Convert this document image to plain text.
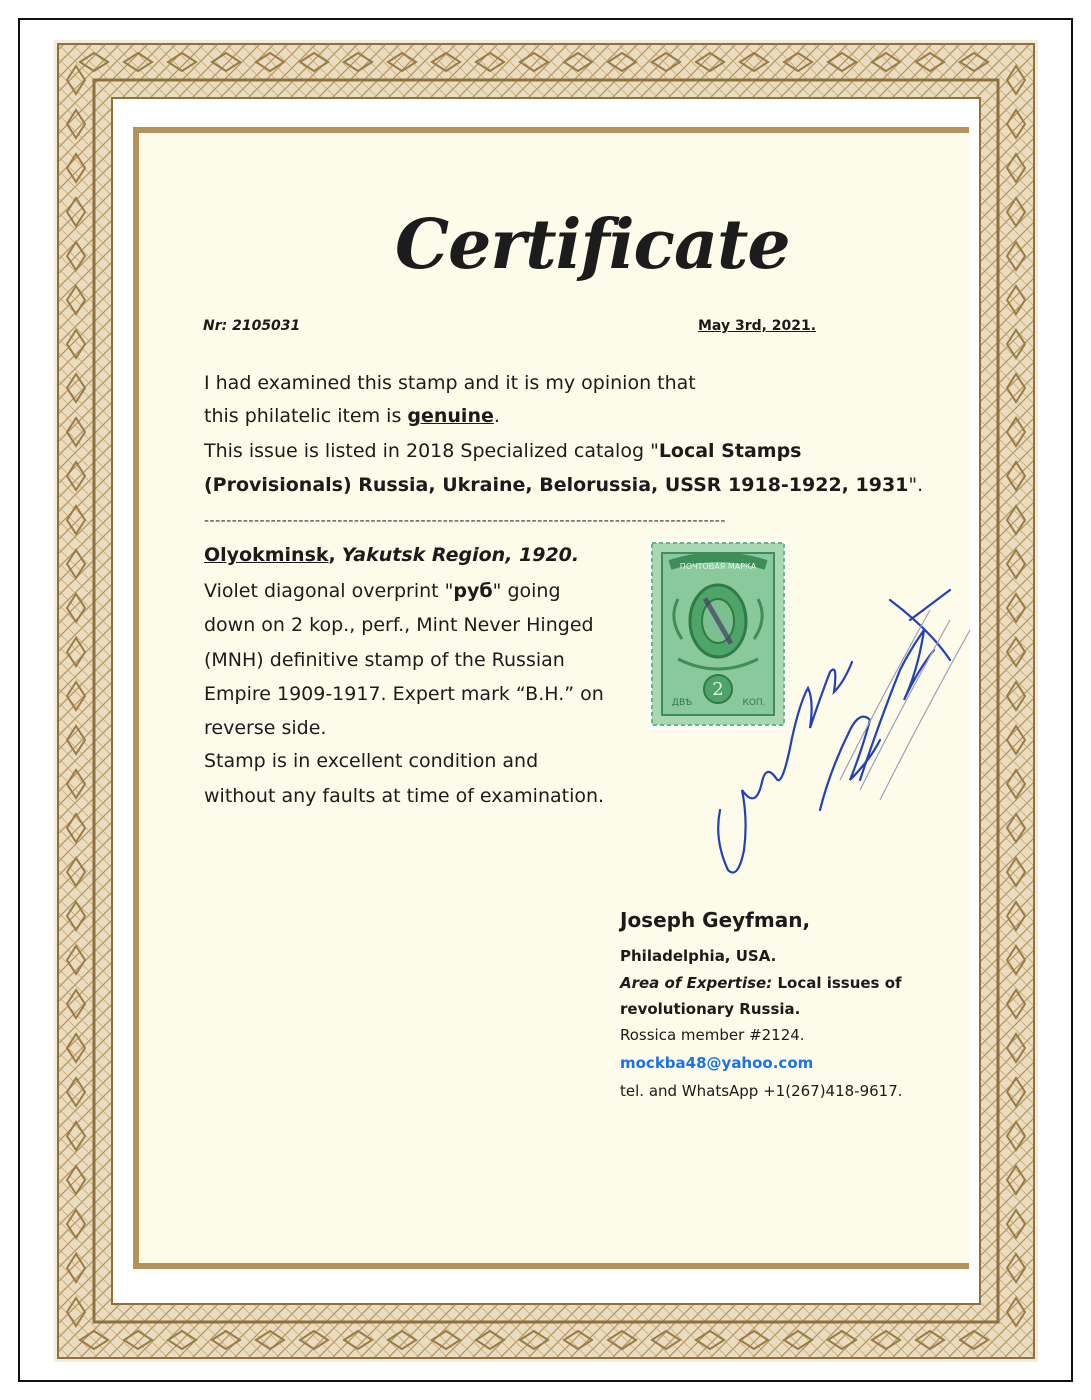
Certificate
Nr: 2105031	May 3rd, 2021.
I had examined this stamp and it is my opinion that
this philatelic item is genuine.
This issue is listed in 2018 Specialized catalog "Local Stamps
(Provisionals) Russia, Ukraine, Belorussia, USSR 1918-1922, 1931".
----------------------------------------------------------------------------------------------
Olyokminsk, Yakutsk Region, 1920.
Violet diagonal overprint "руб" going
down on 2 kop., perf., Mint Never Hinged
(MNH) definitive stamp of the Russian
Empire 1909-1917. Expert mark “B.H.” on
reverse side.
Stamp is in excellent condition and
without any faults at time of examination.
ПОЧТОВАЯ МАРКА
2
ДВѢ	КОП.
Joseph Geyfman,
Philadelphia, USA.
Area of Expertise: Local issues of
revolutionary Russia.
Rossica member #2124.
mockba48@yahoo.com
tel. and WhatsApp +1(267)418-9617.
